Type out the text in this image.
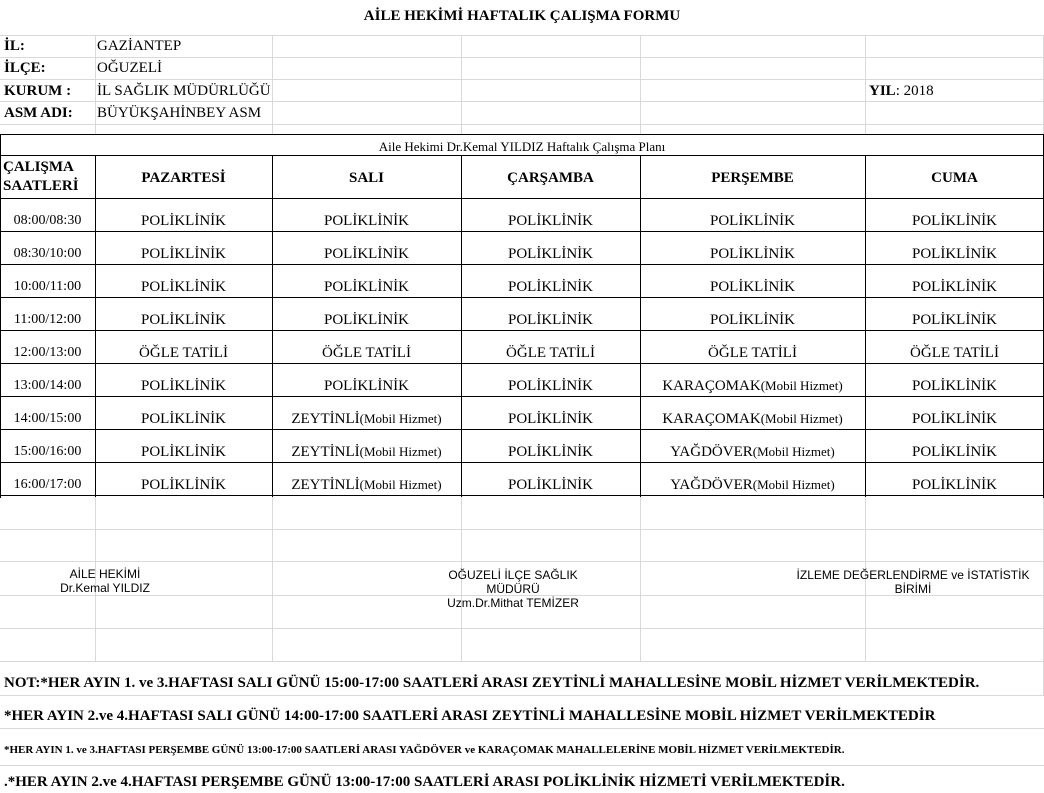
AİLE HEKİMİ HAFTALIK ÇALIŞMA FORMU
İL:	GAZİANTEP
İLÇE:	OĞUZELİ
KURUM : İL SAĞLIK MÜDÜRLÜĞÜ	YIL: 2018
ASM ADI: BÜYÜKŞAHİNBEY ASM
Aile Hekimi Dr.Kemal YILDIZ Haftalık Çalışma Planı
ÇALIŞMA
SAATLERİ	PAZARTESİ	SALI	ÇARŞAMBA	PERŞEMBE	CUMA
08:00/08:30	POLİKLİNİK	POLİKLİNİK	POLİKLİNİK	POLİKLİNİK	POLİKLİNİK
08:30/10:00	POLİKLİNİK	POLİKLİNİK	POLİKLİNİK	POLİKLİNİK	POLİKLİNİK
10:00/11:00	POLİKLİNİK	POLİKLİNİK	POLİKLİNİK	POLİKLİNİK	POLİKLİNİK
11:00/12:00	POLİKLİNİK	POLİKLİNİK	POLİKLİNİK	POLİKLİNİK	POLİKLİNİK
12:00/13:00	ÖĞLE TATİLİ	ÖĞLE TATİLİ	ÖĞLE TATİLİ	ÖĞLE TATİLİ	ÖĞLE TATİLİ
13:00/14:00	POLİKLİNİK	POLİKLİNİK	POLİKLİNİK	KARAÇOMAK(Mobil Hizmet)	POLİKLİNİK
14:00/15:00	POLİKLİNİK	ZEYTİNLİ(Mobil Hizmet)	POLİKLİNİK	KARAÇOMAK(Mobil Hizmet)	POLİKLİNİK
15:00/16:00	POLİKLİNİK	ZEYTİNLİ(Mobil Hizmet)	POLİKLİNİK	YAĞDÖVER(Mobil Hizmet)	POLİKLİNİK
16:00/17:00	POLİKLİNİK	ZEYTİNLİ(Mobil Hizmet)	POLİKLİNİK	YAĞDÖVER(Mobil Hizmet)	POLİKLİNİK
AİLE HEKİMİ
Dr.Kemal YILDIZ
OĞUZELİ İLÇE SAĞLIK
MÜDÜRÜ
Uzm.Dr.Mithat TEMİZER
İZLEME DEĞERLENDİRME ve İSTATİSTİK
BİRİMİ
NOT:*HER AYIN 1. ve 3.HAFTASI SALI GÜNÜ 15:00-17:00 SAATLERİ ARASI ZEYTİNLİ MAHALLESİNE MOBİL HİZMET VERİLMEKTEDİR.
*HER AYIN 2.ve 4.HAFTASI SALI GÜNÜ 14:00-17:00 SAATLERİ ARASI ZEYTİNLİ MAHALLESİNE MOBİL HİZMET VERİLMEKTEDİR
*HER AYIN 1. ve 3.HAFTASI PERŞEMBE GÜNÜ 13:00-17:00 SAATLERİ ARASI YAĞDÖVER ve KARAÇOMAK MAHALLELERİNE MOBİL HİZMET VERİLMEKTEDİR.
.*HER AYIN 2.ve 4.HAFTASI PERŞEMBE GÜNÜ 13:00-17:00 SAATLERİ ARASI POLİKLİNİK HİZMETİ VERİLMEKTEDİR.
